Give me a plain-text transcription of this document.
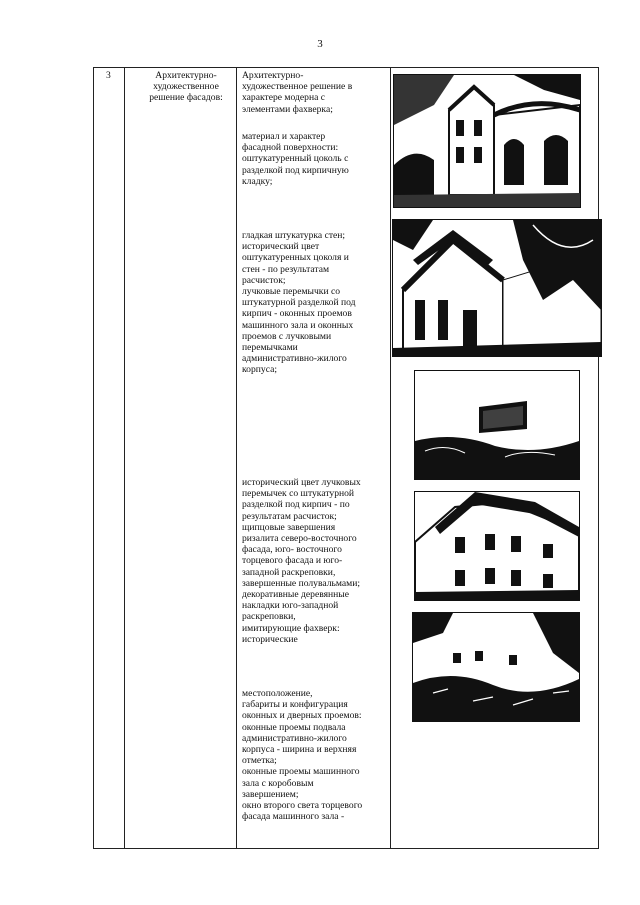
3
3	Архитектурно-
художественное
решение фасадов:

Архитектурно-
художественное решение в
характере модерна с
элементами фахверка;

материал и характер
фасадной поверхности:
оштукатуренный цоколь с
разделкой под кирпичную
кладку;

гладкая штукатурка стен;
исторический цвет
оштукатуренных цоколя и
стен - по результатам
расчисток;
лучковые перемычки со
штукатурной разделкой под
кирпич - оконных проемов
машинного зала и оконных
проемов с лучковыми
перемычками
административно-жилого
корпуса;

исторический цвет лучковых
перемычек со штукатурной
разделкой под кирпич - по
результатам расчисток;
щипцовые завершения
ризалита северо-восточного
фасада, юго- восточного
торцевого фасада и юго-
западной раскреповки,
завершенные полувальмами;
декоративные деревянные
накладки юго-западной
раскреповки,
имитирующие фахверк:
исторические

местоположение,
габариты и конфигурация
оконных и дверных проемов:
оконные проемы подвала
административно-жилого
корпуса - ширина и верхняя
отметка;
оконные проемы машинного
зала с коробовым
завершением;
окно второго света торцевого
фасада машинного зала -
